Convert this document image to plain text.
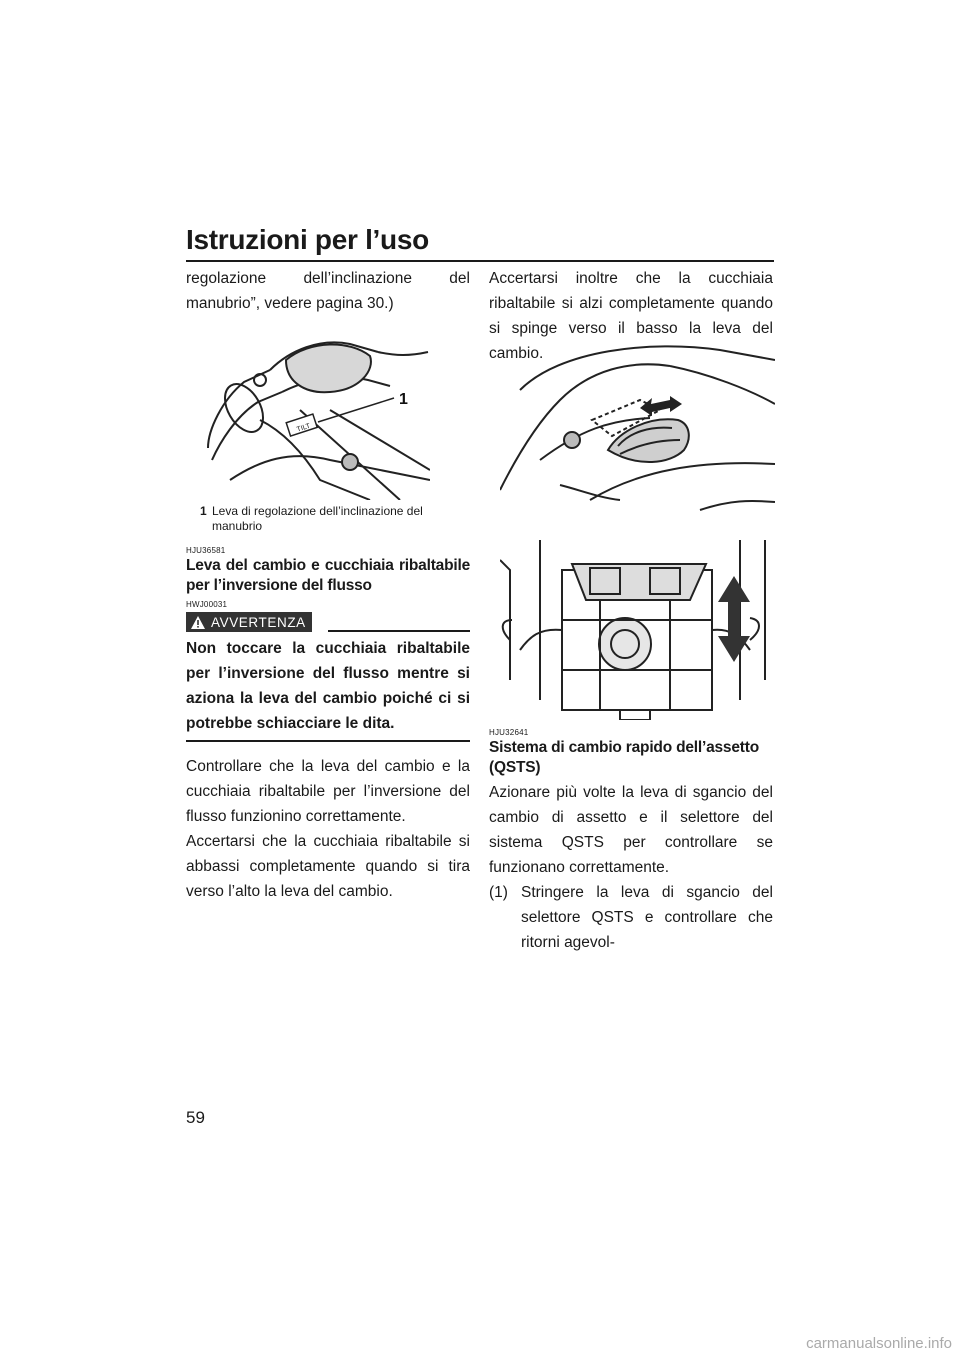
Istruzioni per l’uso

regolazione dell’inclinazione del manubrio”, vedere pagina 30.)

TILT
1
1 Leva di regolazione dell’inclinazione del manubrio
HJU36581
Leva del cambio e cucchiaia ribaltabile per l’inversione del flusso
HWJ00031
AVVERTENZA

Non toccare la cucchiaia ribaltabile per l’inversione del flusso mentre si aziona la leva del cambio poiché ci si potrebbe schiacciare le dita.

Controllare che la leva del cambio e la cucchiaia ribaltabile per l’inversione del flusso funzionino correttamente.

Accertarsi che la cucchiaia ribaltabile si abbassi completamente quando si tira verso l’alto la leva del cambio.

Accertarsi inoltre che la cucchiaia ribaltabile si alzi completamente quando si spinge verso il basso la leva del cambio.

HJU32641
Sistema di cambio rapido dell’assetto (QSTS)

Azionare più volte la leva di sgancio del cambio di assetto e il selettore del sistema QSTS per controllare se funzionano correttamente.

(1) Stringere la leva di sgancio del selettore QSTS e controllare che ritorni agevol-
59
carmanualsonline.info
